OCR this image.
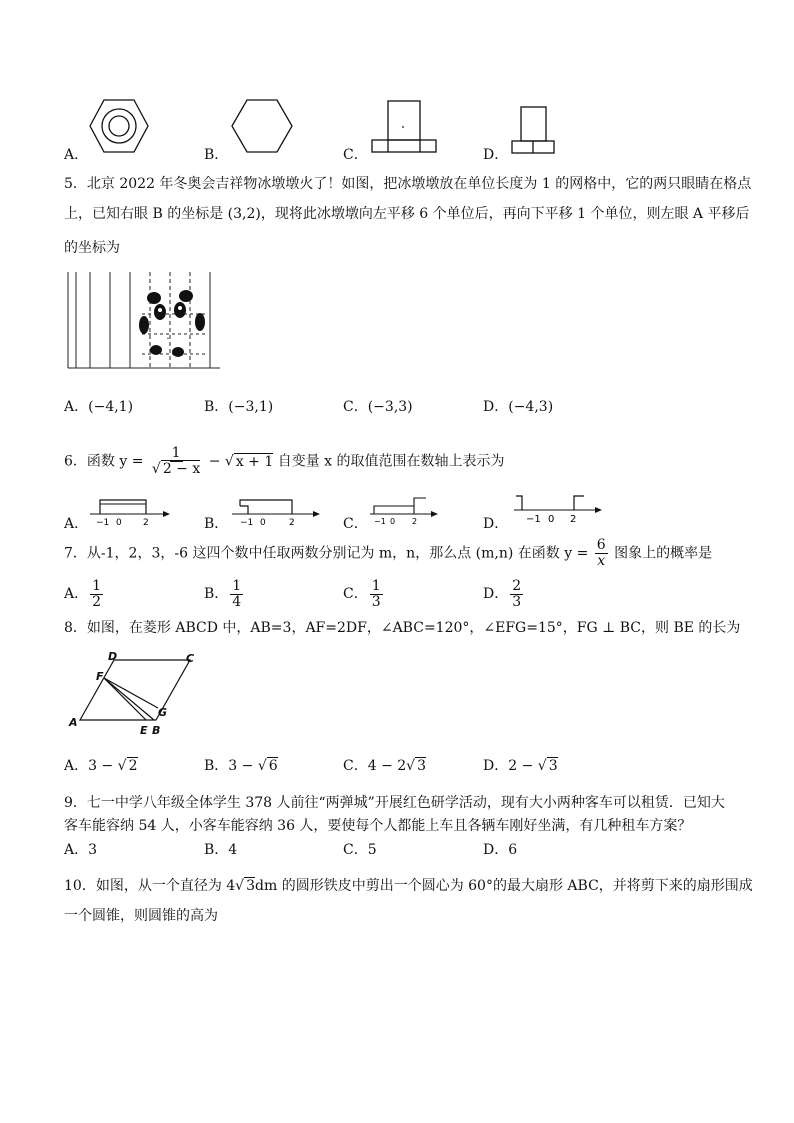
A．	B．	C．	D．
5．北京 2022 年冬奥会吉祥物冰墩墩火了！如图，把冰墩墩放在单位长度为 1 的网格中，它的两只眼睛在格点
上，已知右眼 B 的坐标是 (3,2)，现将此冰墩墩向左平移 6 个单位后，再向下平移 1 个单位，则左眼 A 平移后
的坐标为
·
A．(−4,1)	B．(−3,1)	C．(−3,3)	D．(−4,3)
6．函数 $y = \frac{1}{√ 2 - x}$ − √ x + 1 自变量 x 的取值范围在数轴上表示为
A． −1 0 2	B． −1 0	2	C． −1 0 2	D． −1 0 2
7．从-1，2，3，-6 这四个数中任取两数分别记为 m，n，那么点 (m,n) 在函数 $y = \frac{6}{x}$ 图象上的概率是
A． $\frac{1}{2}$	B． $\frac{1}{4}$	C． $\frac{1}{3}$	D． $\frac{2}{3}$
8．如图，在菱形 ABCD 中，AB=3，AF=2DF，∠ABC=120°，∠EFG=15°，FG ⊥ BC，则 BE 的长为
A
B
C
D
E
F
G
A．3 − √ 2	B．3 − √ 6	C．4 − 2√ 3	D．2 − √ 3
9．七一中学八年级全体学生 378 人前往“两弹城”开展红色研学活动，现有大小两种客车可以租赁．已知大
客车能容纳 54 人，小客车能容纳 36 人，要使每个人都能上车且各辆车刚好坐满，有几种租车方案？
A．3	B．4	C．5	D．6
10．如图，从一个直径为 4√ 3dm 的圆形铁皮中剪出一个圆心为 60°的最大扇形 ABC，并将剪下来的扇形围成
一个圆锥，则圆锥的高为
